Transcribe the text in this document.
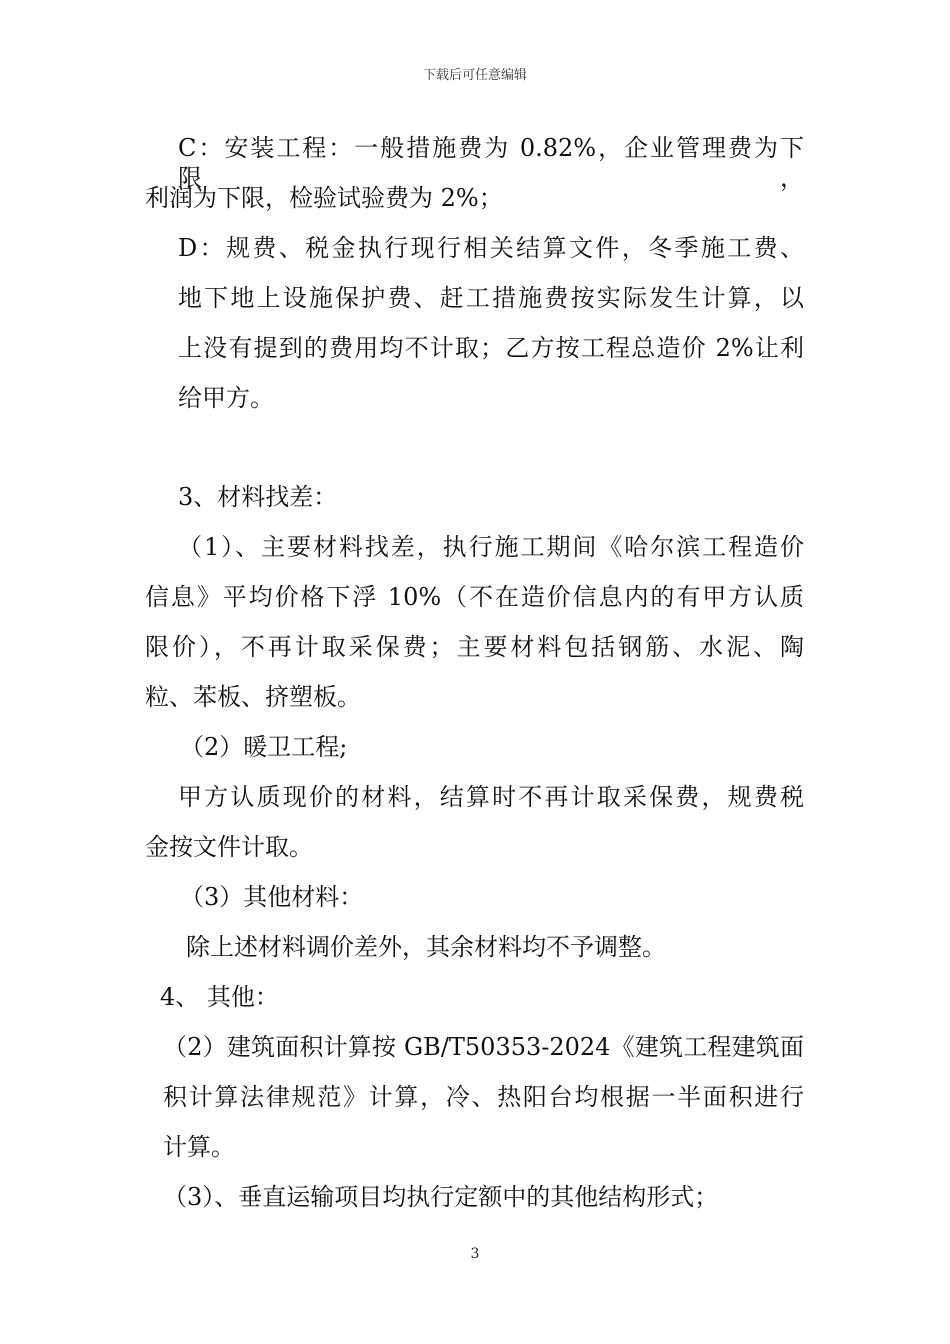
下载后可任意编辑
C：安装工程：一般措施费为 0.82%，企业管理费为下限，
利润为下限，检验试验费为 2%；
D：规费、税金执行现行相关结算文件，冬季施工费、
地下地上设施保护费、赶工措施费按实际发生计算，以
上没有提到的费用均不计取；乙方按工程总造价 2%让利
给甲方。
3、材料找差：
（1）、主要材料找差，执行施工期间《哈尔滨工程造价
信息》平均价格下浮 10%（不在造价信息内的有甲方认质
限价），不再计取采保费；主要材料包括钢筋、水泥、陶
粒、苯板、挤塑板。
（2）暖卫工程;
甲方认质现价的材料，结算时不再计取采保费，规费税
金按文件计取。
（3）其他材料：
除上述材料调价差外，其余材料均不予调整。
4、 其他：
（2）建筑面积计算按 GB/T50353-2024《建筑工程建筑面
积计算法律规范》计算，冷、热阳台均根据一半面积进行
计算。
（3）、垂直运输项目均执行定额中的其他结构形式；
3
